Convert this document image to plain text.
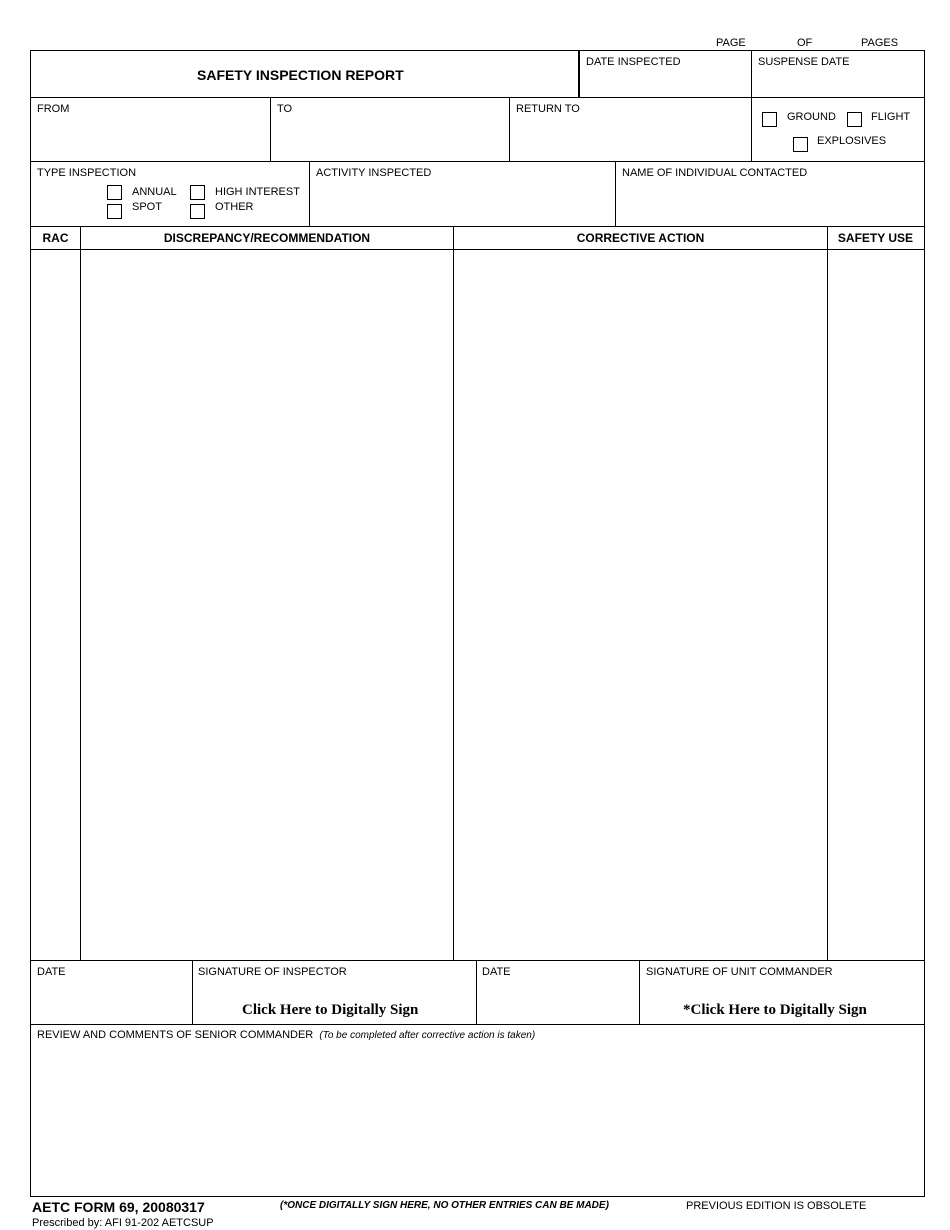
PAGE	OF	PAGES
SAFETY INSPECTION REPORT
DATE INSPECTED	SUSPENSE DATE
FROM	TO	RETURN TO
GROUND	FLIGHT
EXPLOSIVES
TYPE INSPECTION
ANNUAL
SPOT
HIGH INTEREST
OTHER
ACTIVITY INSPECTED	NAME OF INDIVIDUAL CONTACTED
RAC	DISCREPANCY/RECOMMENDATION	CORRECTIVE ACTION	SAFETY USE
DATE	SIGNATURE OF INSPECTOR
Click Here to Digitally Sign
DATE	SIGNATURE OF UNIT COMMANDER
*Click Here to Digitally Sign
REVIEW AND COMMENTS OF SENIOR COMMANDER (To be completed after corrective action is taken)
AETC FORM 69, 20080317
Prescribed by: AFI 91-202 AETCSUP
(*ONCE DIGITALLY SIGN HERE, NO OTHER ENTRIES CAN BE MADE)	PREVIOUS EDITION IS OBSOLETE
